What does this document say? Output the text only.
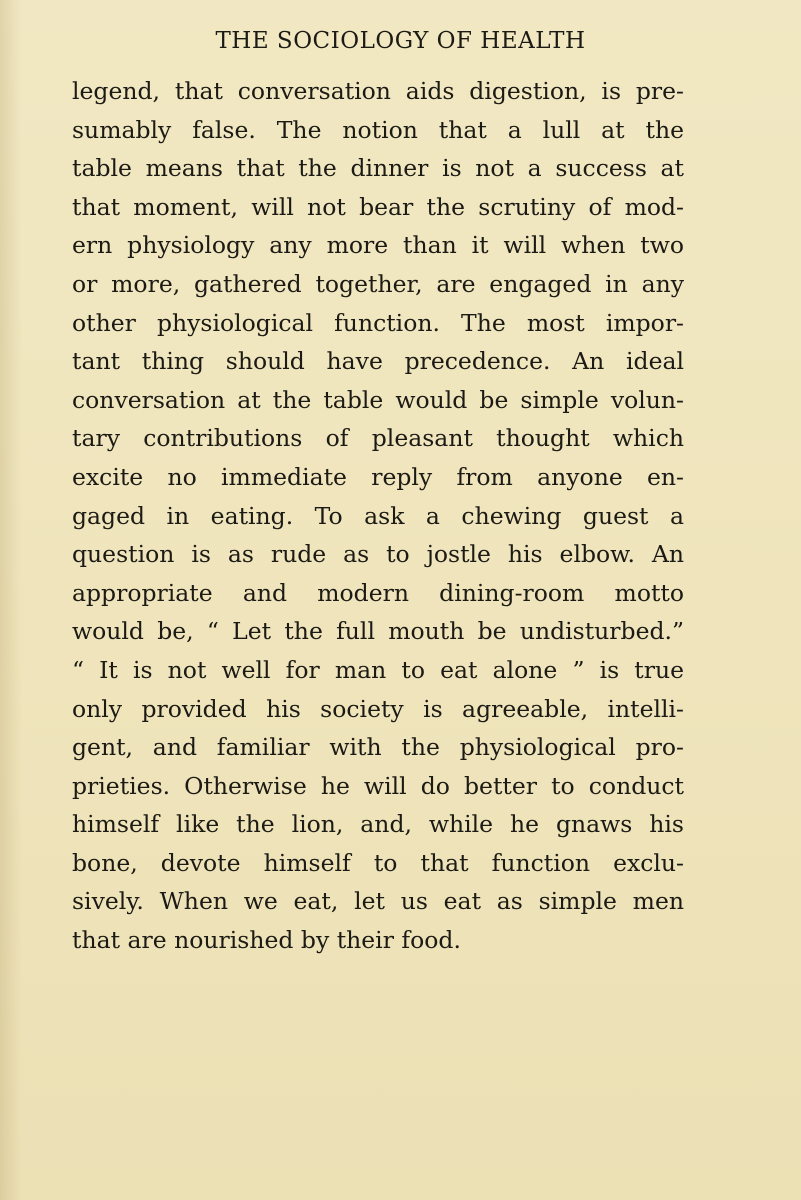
THE SOCIOLOGY OF HEALTH
legend, that conversation aids digestion, is pre-
sumably false. The notion that a lull at the
table means that the dinner is not a success at
that moment, will not bear the scrutiny of mod-
ern physiology any more than it will when two
or more, gathered together, are engaged in any
other physiological function. The most impor-
tant thing should have precedence. An ideal
conversation at the table would be simple volun-
tary contributions of pleasant thought which
excite no immediate reply from anyone en-
gaged in eating. To ask a chewing guest a
question is as rude as to jostle his elbow. An
appropriate and modern dining-room motto
would be, “ Let the full mouth be undisturbed.”
“ It is not well for man to eat alone ” is true
only provided his society is agreeable, intelli-
gent, and familiar with the physiological pro-
prieties. Otherwise he will do better to conduct
himself like the lion, and, while he gnaws his
bone, devote himself to that function exclu-
sively. When we eat, let us eat as simple men
that are nourished by their food.
